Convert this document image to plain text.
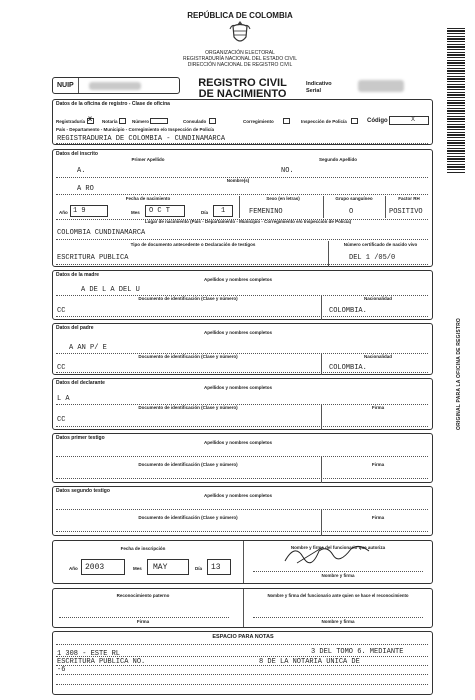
REPÚBLICA DE COLOMBIA
ORGANIZACIÓN ELECTORAL
REGISTRADURÍA NACIONAL DEL ESTADO CIVIL
DIRECCIÓN NACIONAL DE REGISTRO CIVIL
NUIP	REGISTRO CIVIL
DE NACIMIENTO
Indicativo
Serial
ORIGINAL PARA LA OFICINA DE REGISTRO
Datos de la oficina de registro - Clase de oficina
Registraduría X Notaría	Número	Consulado	Corregimiento	Inspección de Policía	Código	X
País - Departamento - Municipio - Corregimiento e/o Inspección de Policía
REGISTRADURIA DE COLOMBIA - CUNDINAMARCA
Datos del inscrito
Primer Apellido	Segundo Apellido
A.	NO.
Nombre(s)
A RO
Fecha de nacimiento	Sexo (en letras)	Grupo sanguíneo	Factor RH
Año 1 9	Mes O C T	Día 1	FEMENINO	O	POSITIVO
Lugar de nacimiento (País - Departamento - Municipio - Corregimiento e/o Inspección de Policía)
COLOMBIA CUNDINAMARCA
Tipo de documento antecedente o Declaración de testigos	Número certificado de nacido vivo
ESCRITURA PUBLICA	DEL 1 /05/0
Datos de la madre
Apellidos y nombres completos
A DE L A DEL U
Documento de identificación (Clase y número)	Nacionalidad
CC	COLOMBIA.
Datos del padre
Apellidos y nombres completos
A AN P/ E
Documento de identificación (Clase y número)	Nacionalidad
CC	COLOMBIA.
Datos del declarante
Apellidos y nombres completos
L A
Documento de identificación (Clase y número)	Firma
CC
Datos primer testigo
Apellidos y nombres completos
Documento de identificación (Clase y número)	Firma
Datos segundo testigo
Apellidos y nombres completos
Documento de identificación (Clase y número)	Firma
Fecha de inscripción
Año 2003	Mes MAY	Día 13
Nombre y firma del funcionario que autoriza
Nombre y firma
Reconocimiento paterno
Firma
Nombre y firma del funcionario ante quien se hace el reconocimiento
Nombre y firma
ESPACIO PARA NOTAS
1 308 - ESTE RL	3 DEL TOMO 6. MEDIANTE
ESCRITURA PUBLICA NO.	8 DE LA NOTARIA UNICA DE
-6
